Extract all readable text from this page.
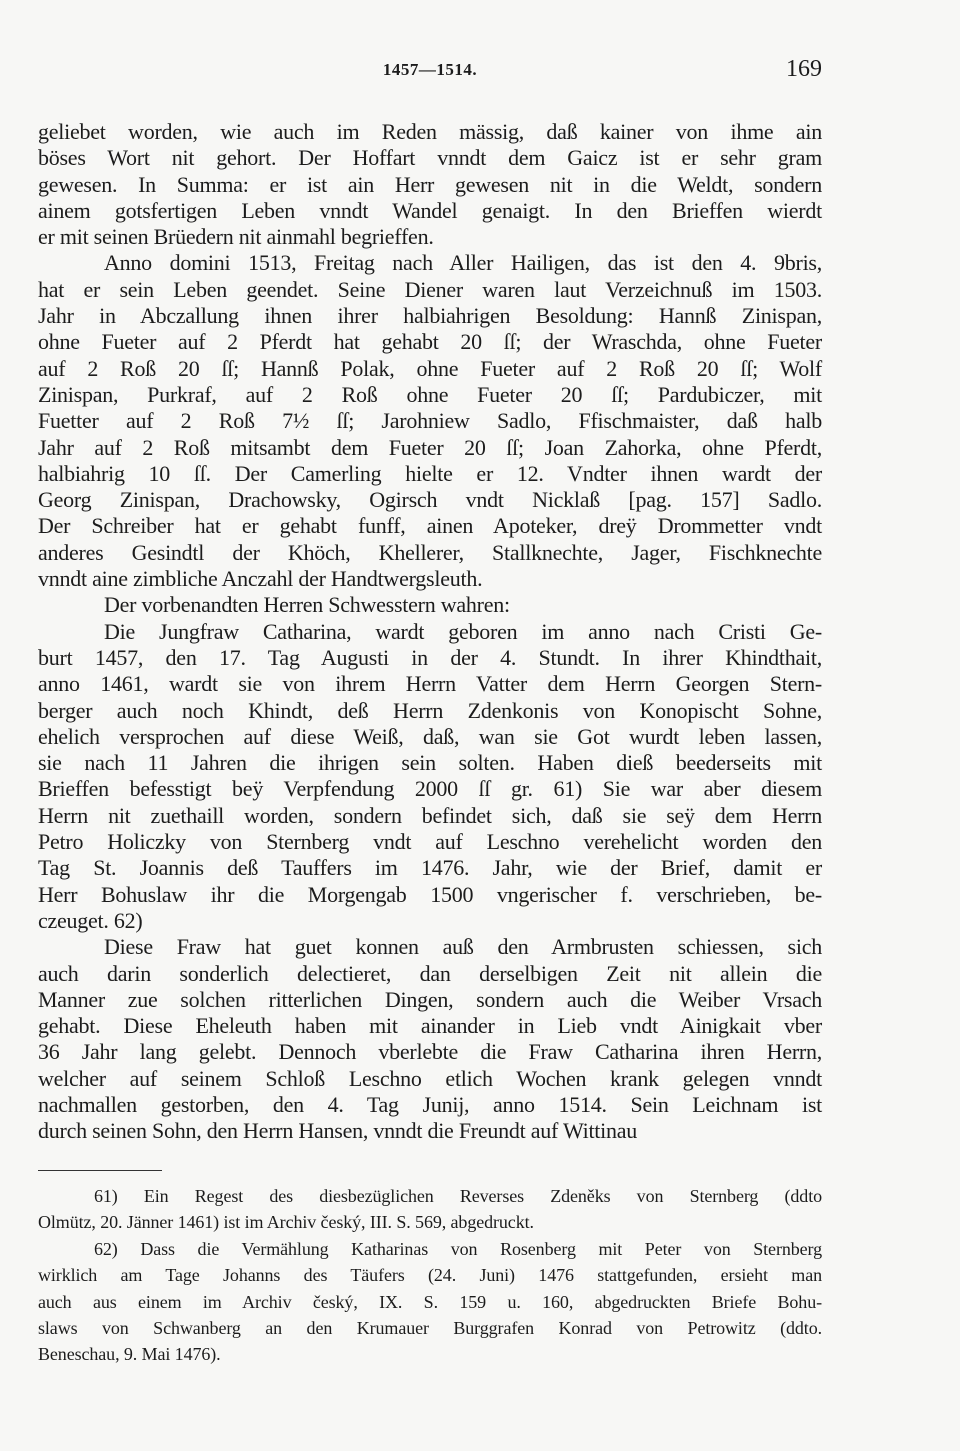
1457—1514.	169
geliebet worden, wie auch im Reden mässig, daß kainer von ihme ain
böses Wort nit gehort. Der Hoffart vnndt dem Gaicz ist er sehr gram
gewesen. In Summa: er ist ain Herr gewesen nit in die Weldt, sondern
ainem gotsfertigen Leben vnndt Wandel genaigt. In den Brieffen wierdt
er mit seinen Brüedern nit ainmahl begrieffen.
Anno domini 1513, Freitag nach Aller Hailigen, das ist den 4. 9bris,
hat er sein Leben geendet. Seine Diener waren laut Verzeichnuß im 1503.
Jahr in Abczallung ihnen ihrer halbiahrigen Besoldung: Hannß Zinispan,
ohne Fueter auf 2 Pferdt hat gehabt 20 ſſ; der Wraschda, ohne Fueter
auf 2 Roß 20 ſſ; Hannß Polak, ohne Fueter auf 2 Roß 20 ſſ; Wolf
Zinispan, Purkraf, auf 2 Roß ohne Fueter 20 ſſ; Pardubiczer, mit
Fuetter auf 2 Roß 7½ ſſ; Jarohniew Sadlo, Ffischmaister, daß halb
Jahr auf 2 Roß mitsambt dem Fueter 20 ſſ; Joan Zahorka, ohne Pferdt,
halbiahrig 10 ſſ. Der Camerling hielte er 12. Vndter ihnen wardt der
Georg Zinispan, Drachowsky, Ogirsch vndt Nicklaß [pag. 157] Sadlo.
Der Schreiber hat er gehabt funff, ainen Apoteker, dreÿ Drommetter vndt
anderes Gesindtl der Khöch, Khellerer, Stallknechte, Jager, Fischknechte
vnndt aine zimbliche Anczahl der Handtwergsleuth.
Der vorbenandten Herren Schwesstern wahren:
Die Jungfraw Catharina, wardt geboren im anno nach Cristi Ge-
burt 1457, den 17. Tag Augusti in der 4. Stundt. In ihrer Khindthait,
anno 1461, wardt sie von ihrem Herrn Vatter dem Herrn Georgen Stern-
berger auch noch Khindt, deß Herrn Zdenkonis von Konopischt Sohne,
ehelich versprochen auf diese Weiß, daß, wan sie Got wurdt leben lassen,
sie nach 11 Jahren die ihrigen sein solten. Haben dieß beederseits mit
Brieffen befesstigt beÿ Verpfendung 2000 ſſ gr. 61) Sie war aber diesem
Herrn nit zuethaill worden, sondern befindet sich, daß sie seÿ dem Herrn
Petro Holiczky von Sternberg vndt auf Leschno verehelicht worden den
Tag St. Joannis deß Tauffers im 1476. Jahr, wie der Brief, damit er
Herr Bohuslaw ihr die Morgengab 1500 vngerischer f. verschrieben, be-
czeuget. 62)
Diese Fraw hat guet konnen auß den Armbrusten schiessen, sich
auch darin sonderlich delectieret, dan derselbigen Zeit nit allein die
Manner zue solchen ritterlichen Dingen, sondern auch die Weiber Vrsach
gehabt. Diese Eheleuth haben mit ainander in Lieb vndt Ainigkait vber
36 Jahr lang gelebt. Dennoch vberlebte die Fraw Catharina ihren Herrn,
welcher auf seinem Schloß Leschno etlich Wochen krank gelegen vnndt
nachmallen gestorben, den 4. Tag Junij, anno 1514. Sein Leichnam ist
durch seinen Sohn, den Herrn Hansen, vnndt die Freundt auf Wittinau
61) Ein Regest des diesbezüglichen Reverses Zdeněks von Sternberg (ddto
Olmütz, 20. Jänner 1461) ist im Archiv český, III. S. 569, abgedruckt.
62) Dass die Vermählung Katharinas von Rosenberg mit Peter von Sternberg
wirklich am Tage Johanns des Täufers (24. Juni) 1476 stattgefunden, ersieht man
auch aus einem im Archiv český, IX. S. 159 u. 160, abgedruckten Briefe Bohu-
slaws von Schwanberg an den Krumauer Burggrafen Konrad von Petrowitz (ddto.
Beneschau, 9. Mai 1476).
